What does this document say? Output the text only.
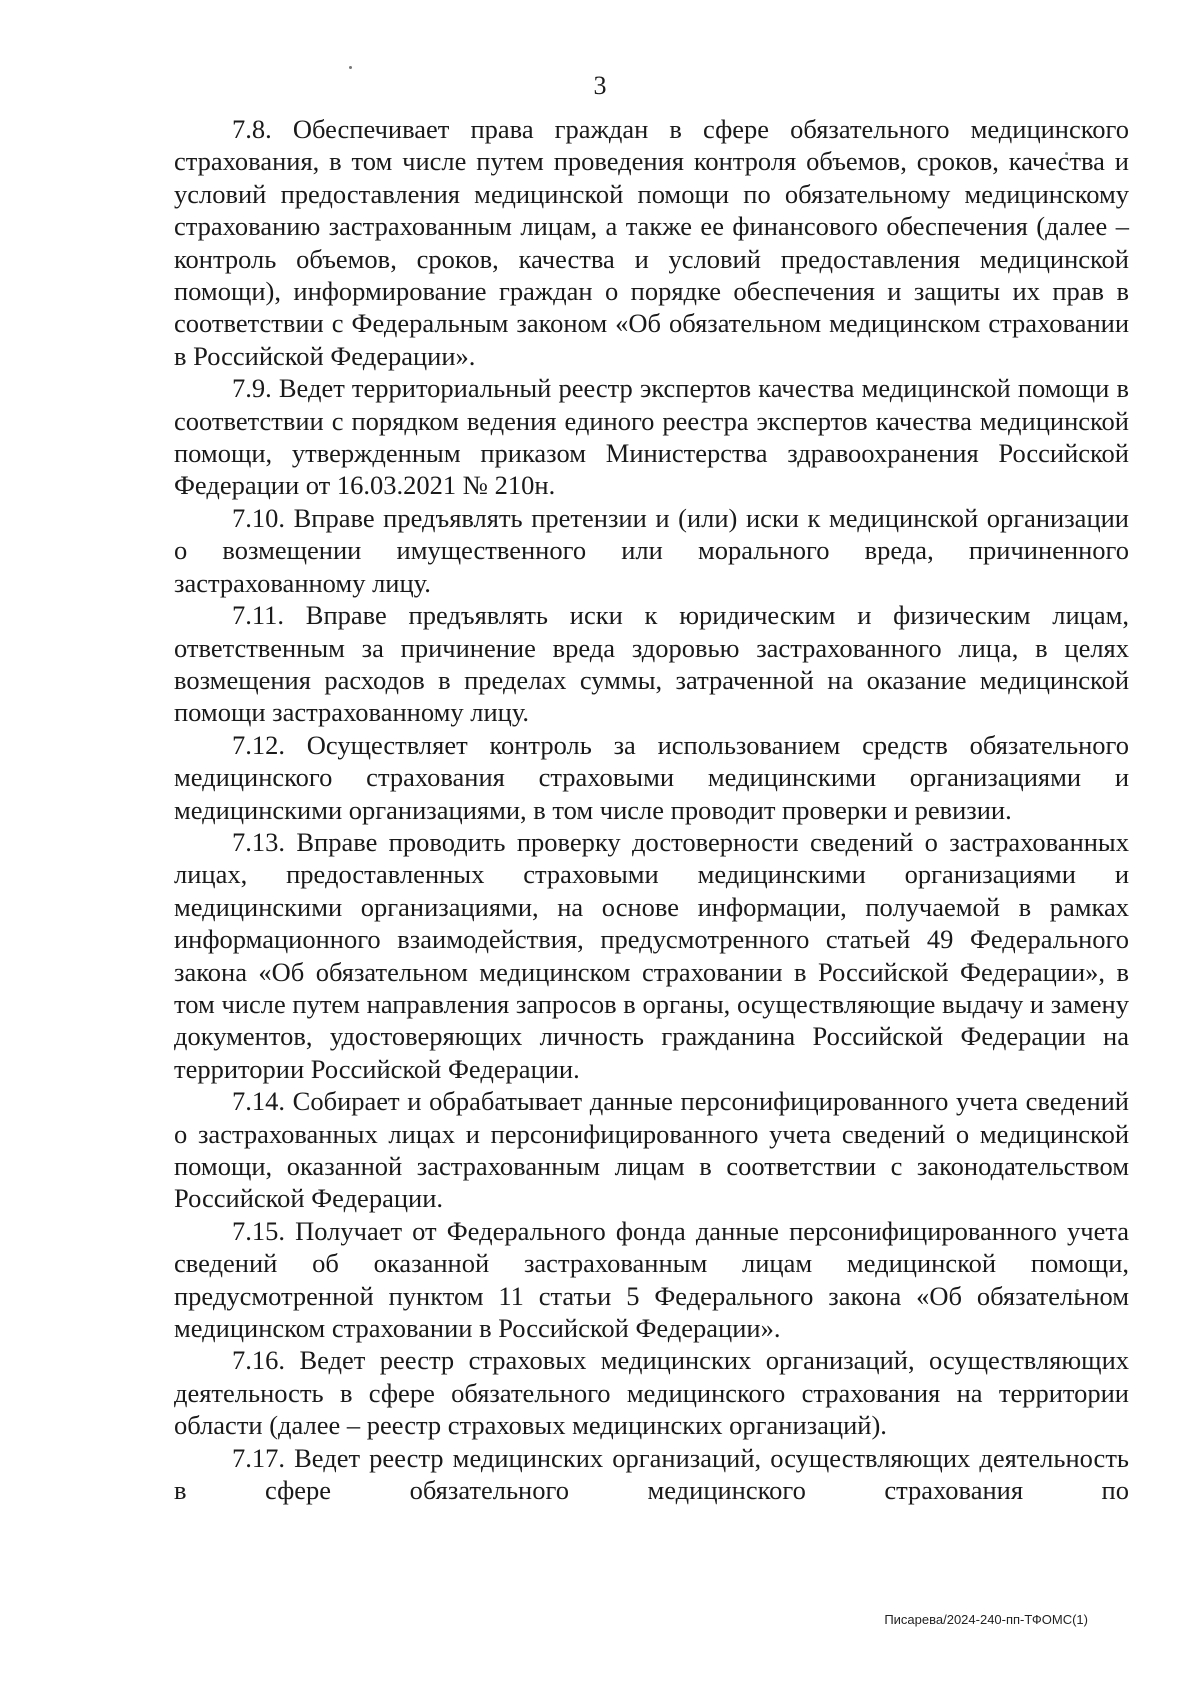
3

7.8. Обеспечивает права граждан в сфере обязательного медицинского страхования, в том числе путем проведения контроля объемов, сроков, качества и условий предоставления медицинской помощи по обязательному медицинскому страхованию застрахованным лицам, а также ее финансового обеспечения (далее – контроль объемов, сроков, качества и условий предоставления медицинской помощи), информирование граждан о порядке обеспечения и защиты их прав в соответствии с Федеральным законом «Об обязательном медицинском страховании в Российской Федерации».

7.9. Ведет территориальный реестр экспертов качества медицинской помощи в соответствии с порядком ведения единого реестра экспертов качества медицинской помощи, утвержденным приказом Министерства здравоохранения Российской Федерации от 16.03.2021 № 210н.

7.10. Вправе предъявлять претензии и (или) иски к медицинской организации о возмещении имущественного или морального вреда, причиненного застрахованному лицу.

7.11. Вправе предъявлять иски к юридическим и физическим лицам, ответственным за причинение вреда здоровью застрахованного лица, в целях возмещения расходов в пределах суммы, затраченной на оказание медицинской помощи застрахованному лицу.

7.12. Осуществляет контроль за использованием средств обязательного медицинского страхования страховыми медицинскими организациями и медицинскими организациями, в том числе проводит проверки и ревизии.

7.13. Вправе проводить проверку достоверности сведений о застрахованных лицах, предоставленных страховыми медицинскими организациями и медицинскими организациями, на основе информации, получаемой в рамках информационного взаимодействия, предусмотренного статьей 49 Федерального закона «Об обязательном медицинском страховании в Российской Федерации», в том числе путем направления запросов в органы, осуществляющие выдачу и замену документов, удостоверяющих личность гражданина Российской Федерации на территории Российской Федерации.

7.14. Собирает и обрабатывает данные персонифицированного учета сведений о застрахованных лицах и персонифицированного учета сведений о медицинской помощи, оказанной застрахованным лицам в соответствии с законодательством Российской Федерации.

7.15. Получает от Федерального фонда данные персонифицированного учета сведений об оказанной застрахованным лицам медицинской помощи, предусмотренной пунктом 11 статьи 5 Федерального закона «Об обязательном медицинском страховании в Российской Федерации».

7.16. Ведет реестр страховых медицинских организаций, осуществляющих деятельность в сфере обязательного медицинского страхования на территории области (далее – реестр страховых медицинских организаций).

7.17. Ведет реестр медицинских организаций, осуществляющих деятельность в сфере обязательного медицинского страхования по

Писарева/2024-240-пп-ТФОМС(1)
